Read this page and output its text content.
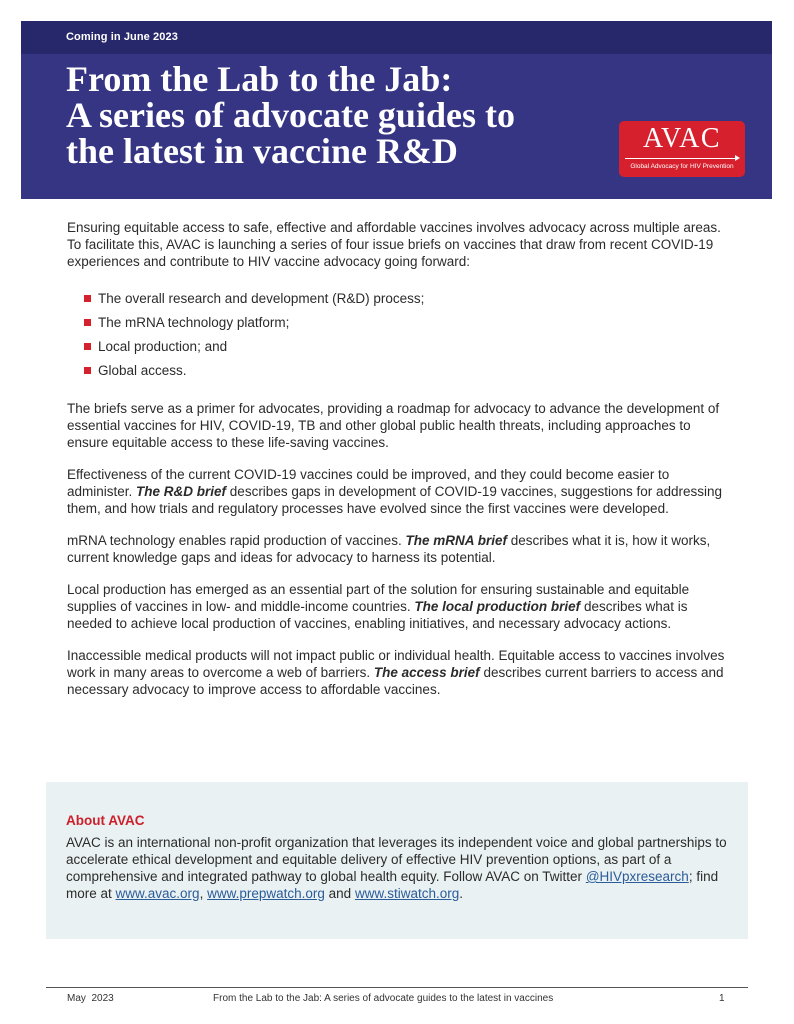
Coming in June 2023
From the Lab to the Jab:
A series of advocate guides to
the latest in vaccine R&D	AVAC
Global Advocacy for HIV Prevention

Ensuring equitable access to safe, effective and affordable vaccines involves advocacy across multiple areas. To facilitate this, AVAC is launching a series of four issue briefs on vaccines that draw from recent COVID-19 experiences and contribute to HIV vaccine advocacy going forward:

The overall research and development (R&D) process;
The mRNA technology platform;
Local production; and
Global access.

The briefs serve as a primer for advocates, providing a roadmap for advocacy to advance the development of essential vaccines for HIV, COVID-19, TB and other global public health threats, including approaches to ensure equitable access to these life-saving vaccines.

Effectiveness of the current COVID-19 vaccines could be improved, and they could become easier to administer. The R&D brief describes gaps in development of COVID-19 vaccines, suggestions for addressing them, and how trials and regulatory processes have evolved since the first vaccines were developed.

mRNA technology enables rapid production of vaccines. The mRNA brief describes what it is, how it works, current knowledge gaps and ideas for advocacy to harness its potential.

Local production has emerged as an essential part of the solution for ensuring sustainable and equitable supplies of vaccines in low- and middle-income countries. The local production brief describes what is needed to achieve local production of vaccines, enabling initiatives, and necessary advocacy actions.

Inaccessible medical products will not impact public or individual health. Equitable access to vaccines involves work in many areas to overcome a web of barriers. The access brief describes current barriers to access and necessary advocacy to improve access to affordable vaccines.

About AVAC
AVAC is an international non-profit organization that leverages its independent voice and global partnerships to accelerate ethical development and equitable delivery of effective HIV prevention options, as part of a comprehensive and integrated pathway to global health equity. Follow AVAC on Twitter @HIVpxresearch; find more at www.avac.org, www.prepwatch.org and www.stiwatch.org.
May  2023	From the Lab to the Jab: A series of advocate guides to the latest in vaccines	1
